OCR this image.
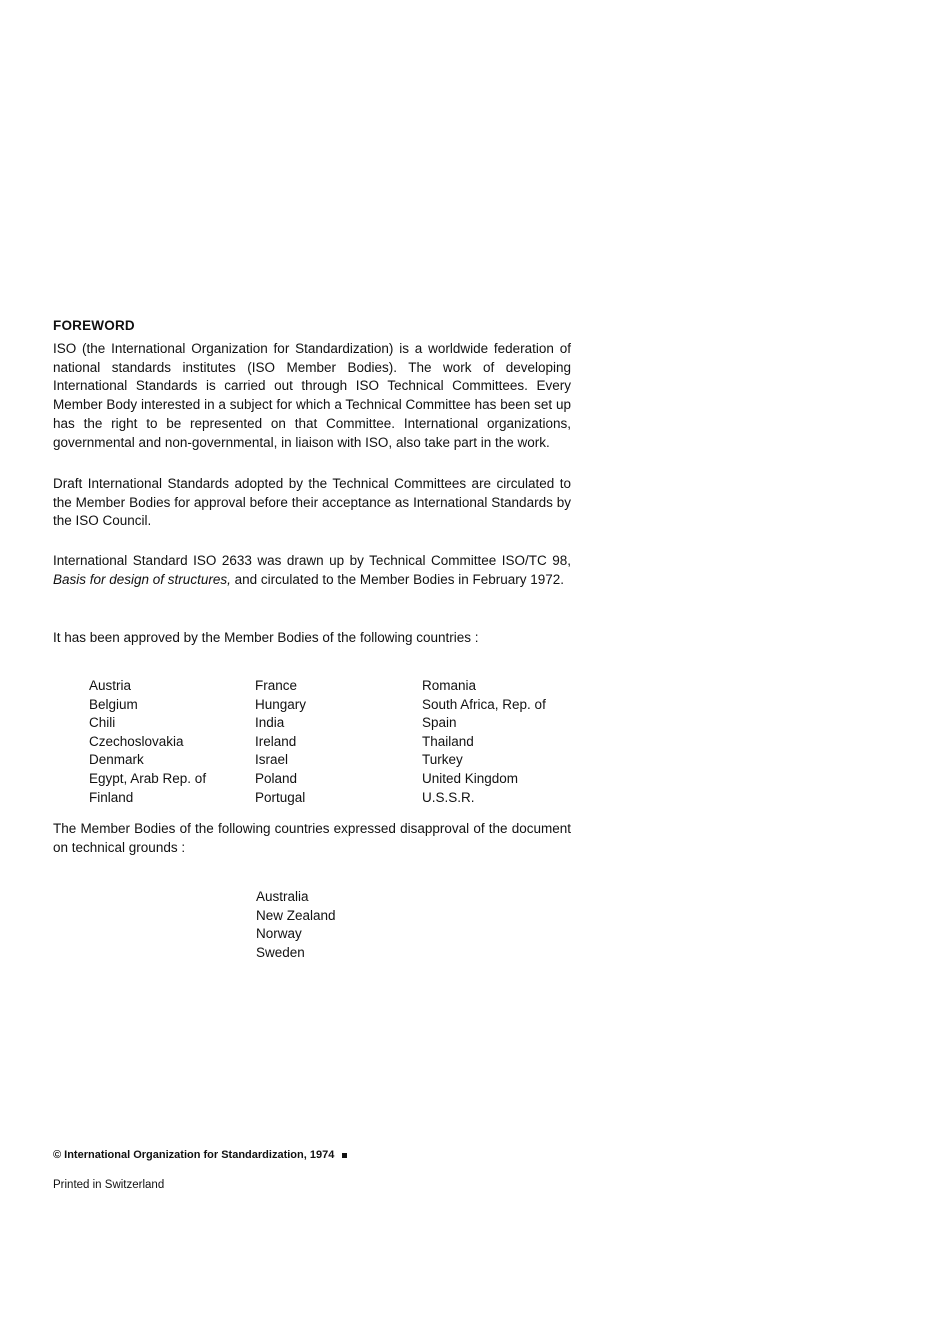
FOREWORD

ISO (the International Organization for Standardization) is a worldwide federation of national standards institutes (ISO Member Bodies). The work of developing International Standards is carried out through ISO Technical Committees. Every Member Body interested in a subject for which a Technical Committee has been set up has the right to be represented on that Committee. International organizations, governmental and non-governmental, in liaison with ISO, also take part in the work.

Draft International Standards adopted by the Technical Committees are circulated to the Member Bodies for approval before their acceptance as International Standards by the ISO Council.

International Standard ISO 2633 was drawn up by Technical Committee ISO/TC 98, Basis for design of structures, and circulated to the Member Bodies in February 1972.

It has been approved by the Member Bodies of the following countries :

Austria	France	Romania
Belgium	Hungary	South Africa, Rep. of
Chili	India	Spain
Czechoslovakia	Ireland	Thailand
Denmark	Israel	Turkey
Egypt, Arab Rep. of	Poland	United Kingdom
Finland	Portugal	U.S.S.R.

The Member Bodies of the following countries expressed disapproval of the document on technical grounds :

Australia
New Zealand
Norway
Sweden
© International Organization for Standardization, 1974
Printed in Switzerland
